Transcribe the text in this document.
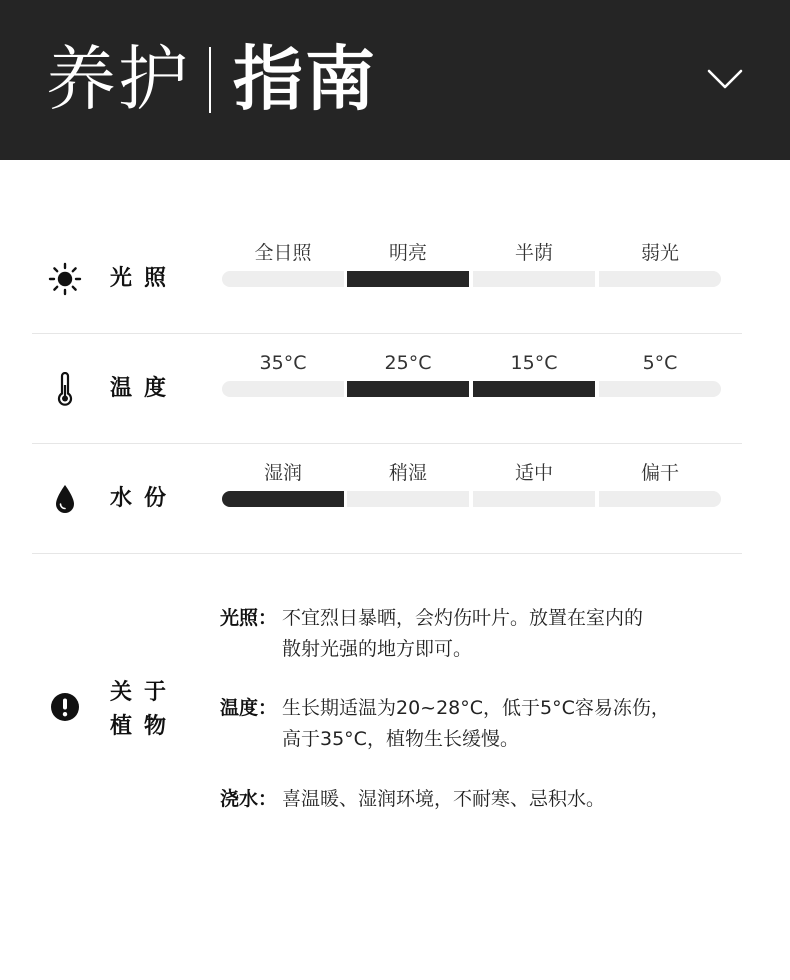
养护 指南
光照
全日照	明亮	半荫	弱光
温度
35°C	25°C	15°C	5°C
水份
湿润	稍湿	适中	偏干
关于
植物
光照： 不宜烈日暴晒，会灼伤叶片。放置在室内的
散射光强的地方即可。
温度： 生长期适温为20~28°C，低于5°C容易冻伤，
高于35°C，植物生长缓慢。
浇水： 喜温暖、湿润环境，不耐寒、忌积水。
